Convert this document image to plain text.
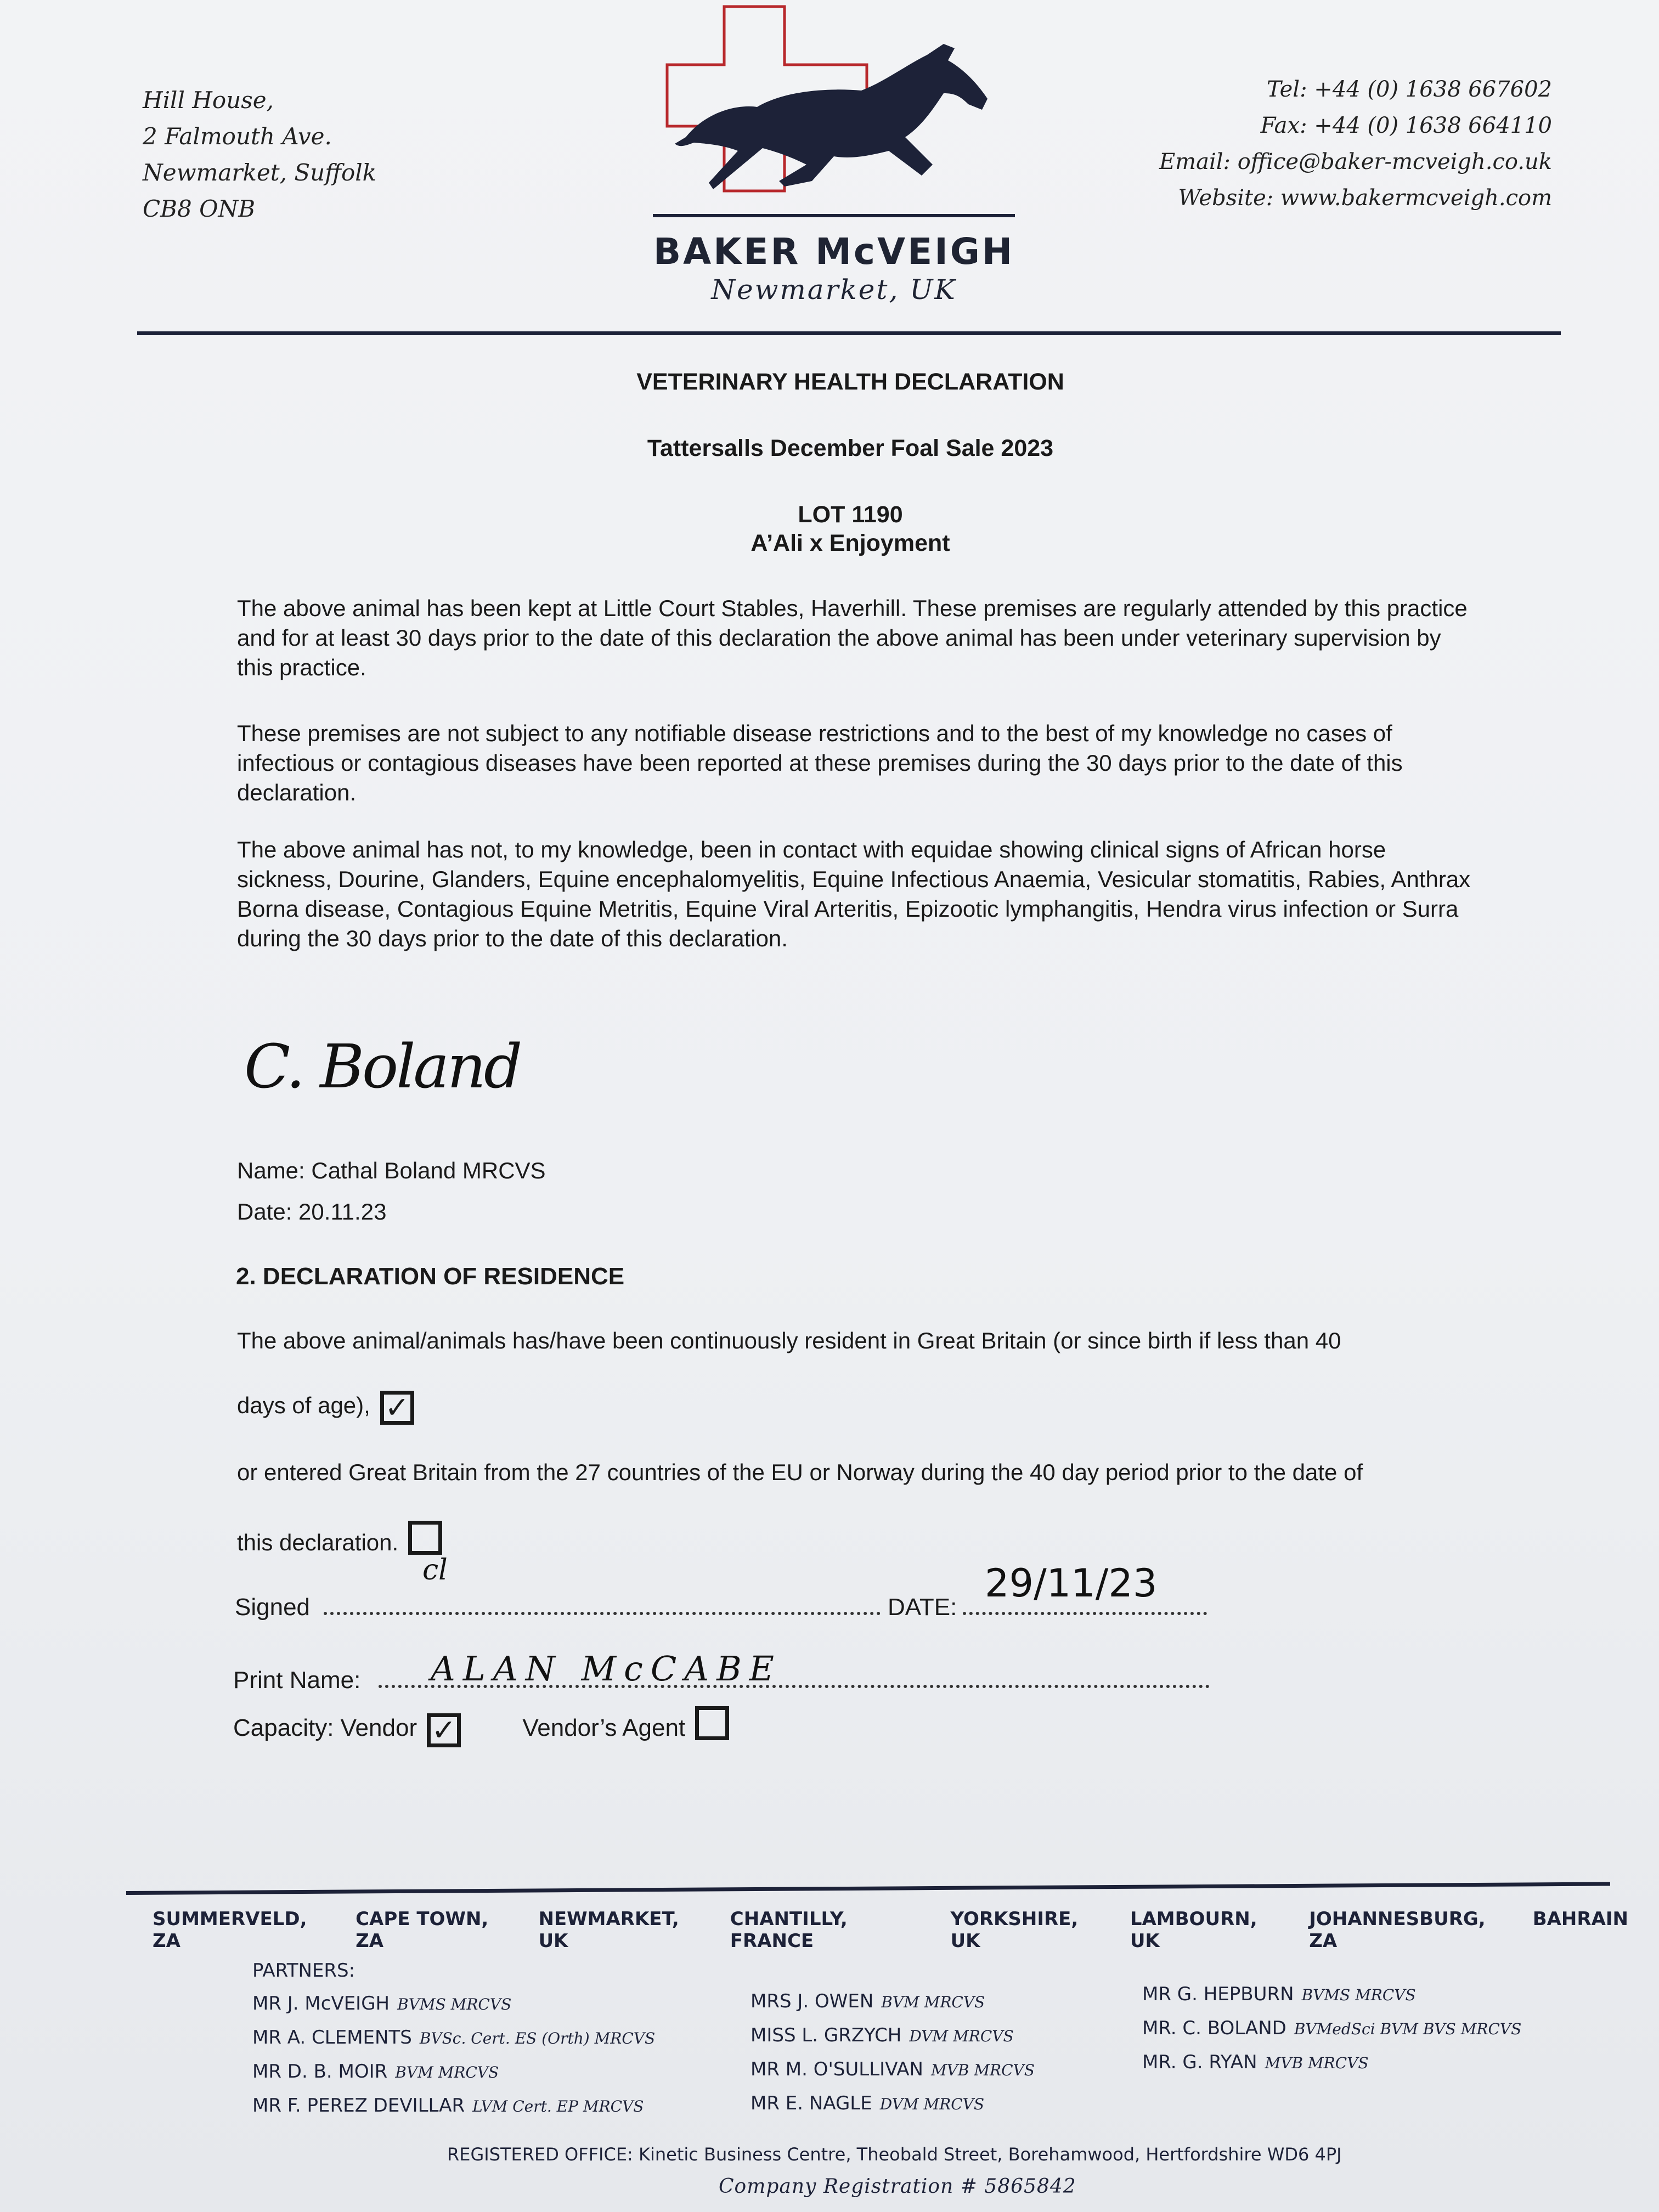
Hill House,
2 Falmouth Ave.
Newmarket, Suffolk
CB8 ONB
BAKER McVEIGH
Newmarket, UK
Tel: +44 (0) 1638 667602
Fax: +44 (0) 1638 664110
Email: office@baker-mcveigh.co.uk
Website: www.bakermcveigh.com
VETERINARY HEALTH DECLARATION
Tattersalls December Foal Sale 2023
LOT 1190
A’Ali x Enjoyment
The above animal has been kept at Little Court Stables, Haverhill. These premises are regularly attended by this practice and for at least 30 days prior to the date of this declaration the above animal has been under veterinary supervision by this practice.
These premises are not subject to any notifiable disease restrictions and to the best of my knowledge no cases of infectious or contagious diseases have been reported at these premises during the 30 days prior to the date of this declaration.
The above animal has not, to my knowledge, been in contact with equidae showing clinical signs of African horse sickness, Dourine, Glanders, Equine encephalomyelitis, Equine Infectious Anaemia, Vesicular stomatitis, Rabies, Anthrax Borna disease, Contagious Equine Metritis, Equine Viral Arteritis, Epizootic lymphangitis, Hendra virus infection or Surra during the 30 days prior to the date of this declaration.
C. Boland
Name: Cathal Boland MRCVS
Date: 20.11.23
2. DECLARATION OF RESIDENCE
The above animal/animals has/have been continuously resident in Great Britain (or since birth if less than 40
days of age), ✓
or entered Great Britain from the 27 countries of the EU or Norway during the 40 day period prior to the date of
this declaration.
Signed
cl
DATE:
29/11/23
Print Name: ALAN McCABE
Capacity: Vendor ✓	Vendor’s Agent
SUMMERVELD, ZA
CAPE TOWN, ZA
NEWMARKET, UK
CHANTILLY, FRANCE
YORKSHIRE, UK
LAMBOURN, UK
JOHANNESBURG, ZA
BAHRAIN
PARTNERS:
MR J. McVEIGH BVMS MRCVS
MR A. CLEMENTS BVSc. Cert. ES (Orth) MRCVS
MR D. B. MOIR BVM MRCVS
MR F. PEREZ DEVILLAR LVM Cert. EP MRCVS
MRS J. OWEN BVM MRCVS
MISS L. GRZYCH DVM MRCVS
MR M. O'SULLIVAN MVB MRCVS
MR E. NAGLE DVM MRCVS
MR G. HEPBURN BVMS MRCVS
MR. C. BOLAND BVMedSci BVM BVS MRCVS
MR. G. RYAN MVB MRCVS
REGISTERED OFFICE: Kinetic Business Centre, Theobald Street, Borehamwood, Hertfordshire WD6 4PJ
Company Registration # 5865842
